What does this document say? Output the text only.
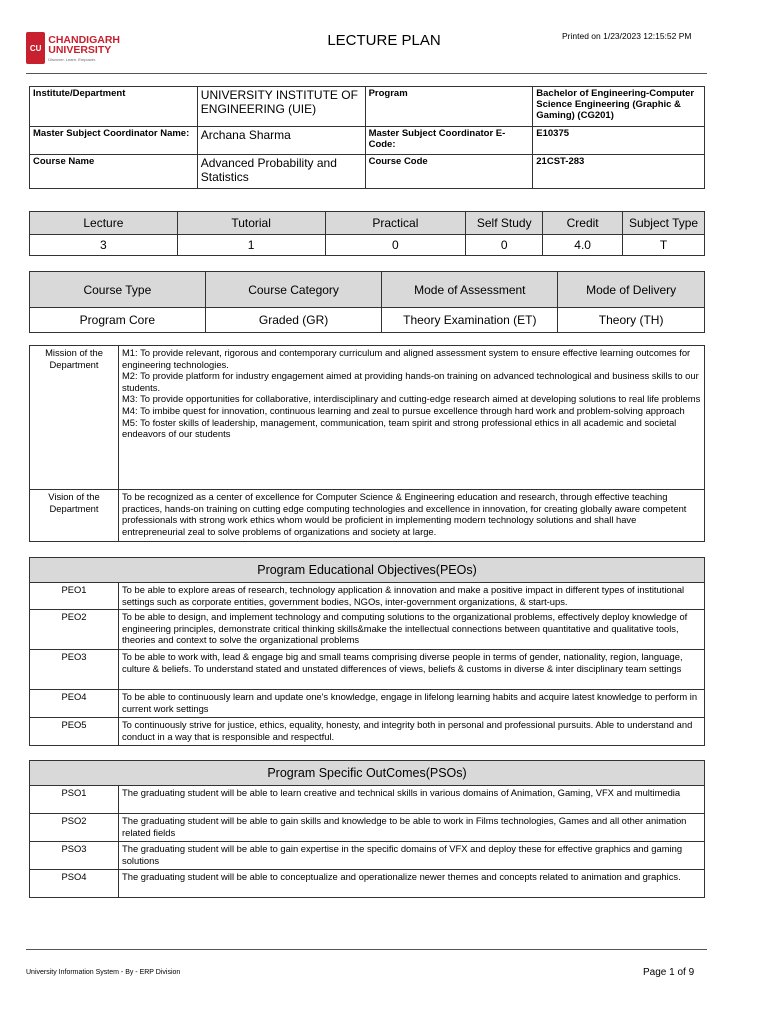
CU
CHANDIGARH
UNIVERSITY
Discover. Learn. Empower.
LECTURE PLAN	Printed on 1/23/2023 12:15:52 PM
Institute/Department	UNIVERSITY INSTITUTE OF ENGINEERING (UIE)	Program	Bachelor of Engineering-Computer Science Engineering (Graphic & Gaming) (CG201)
Master Subject Coordinator Name:	Archana Sharma	Master Subject Coordinator E-Code:	E10375
Course Name	Advanced Probability and Statistics	Course Code	21CST-283
Lecture	Tutorial	Practical	Self Study	Credit	Subject Type
3	1	0	0	4.0	T
Course Type	Course Category	Mode of Assessment	Mode of Delivery
Program Core	Graded (GR)	Theory Examination (ET)	Theory (TH)
Mission of the Department	M1: To provide relevant, rigorous and contemporary curriculum and aligned assessment system to ensure effective learning outcomes for engineering technologies.
M2: To provide platform for industry engagement aimed at providing hands-on training on advanced technological and business skills to our students.
M3: To provide opportunities for collaborative, interdisciplinary and cutting-edge research aimed at developing solutions to real life problems
M4: To imbibe quest for innovation, continuous learning and zeal to pursue excellence through hard work and problem-solving approach
M5: To foster skills of leadership, management, communication, team spirit and strong professional ethics in all academic and societal endeavors of our students

Vision of the Department	To be recognized as a center of excellence for Computer Science & Engineering education and research, through effective teaching practices, hands-on training on cutting edge computing technologies and excellence in innovation, for creating globally aware competent professionals with strong work ethics whom would be proficient in implementing modern technology solutions and shall have entrepreneurial zeal to solve problems of organizations and society at large.
Program Educational Objectives(PEOs)	
PEO1	To be able to explore areas of research, technology application & innovation and make a positive impact in different types of institutional settings such as corporate entities, government bodies, NGOs, inter-government organizations, & start-ups.
PEO2	To be able to design, and implement technology and computing solutions to the organizational problems, effectively deploy knowledge of engineering principles, demonstrate critical thinking skills&make the intellectual connections between quantitative and qualitative tools, theories and context to solve the organizational problems
PEO3	To be able to work with, lead & engage big and small teams comprising diverse people in terms of gender, nationality, region, language, culture & beliefs. To understand stated and unstated differences of views, beliefs & customs in diverse & inter disciplinary team settings
PEO4	To be able to continuously learn and update one's knowledge, engage in lifelong learning habits and acquire latest knowledge to perform in current work settings
PEO5	To continuously strive for justice, ethics, equality, honesty, and integrity both in personal and professional pursuits. Able to understand and conduct in a way that is responsible and respectful.
Program Specific OutComes(PSOs)	
PSO1	The graduating student will be able to learn creative and technical skills in various domains of Animation, Gaming, VFX and multimedia
PSO2	The graduating student will be able to gain skills and knowledge to be able to work in Films technologies, Games and all other animation related fields
PSO3	The graduating student will be able to gain expertise in the specific domains of VFX and deploy these for effective graphics and gaming solutions
PSO4	The graduating student will be able to conceptualize and operationalize newer themes and concepts related to animation and graphics.
University Information System - By - ERP Division	Page 1 of 9
